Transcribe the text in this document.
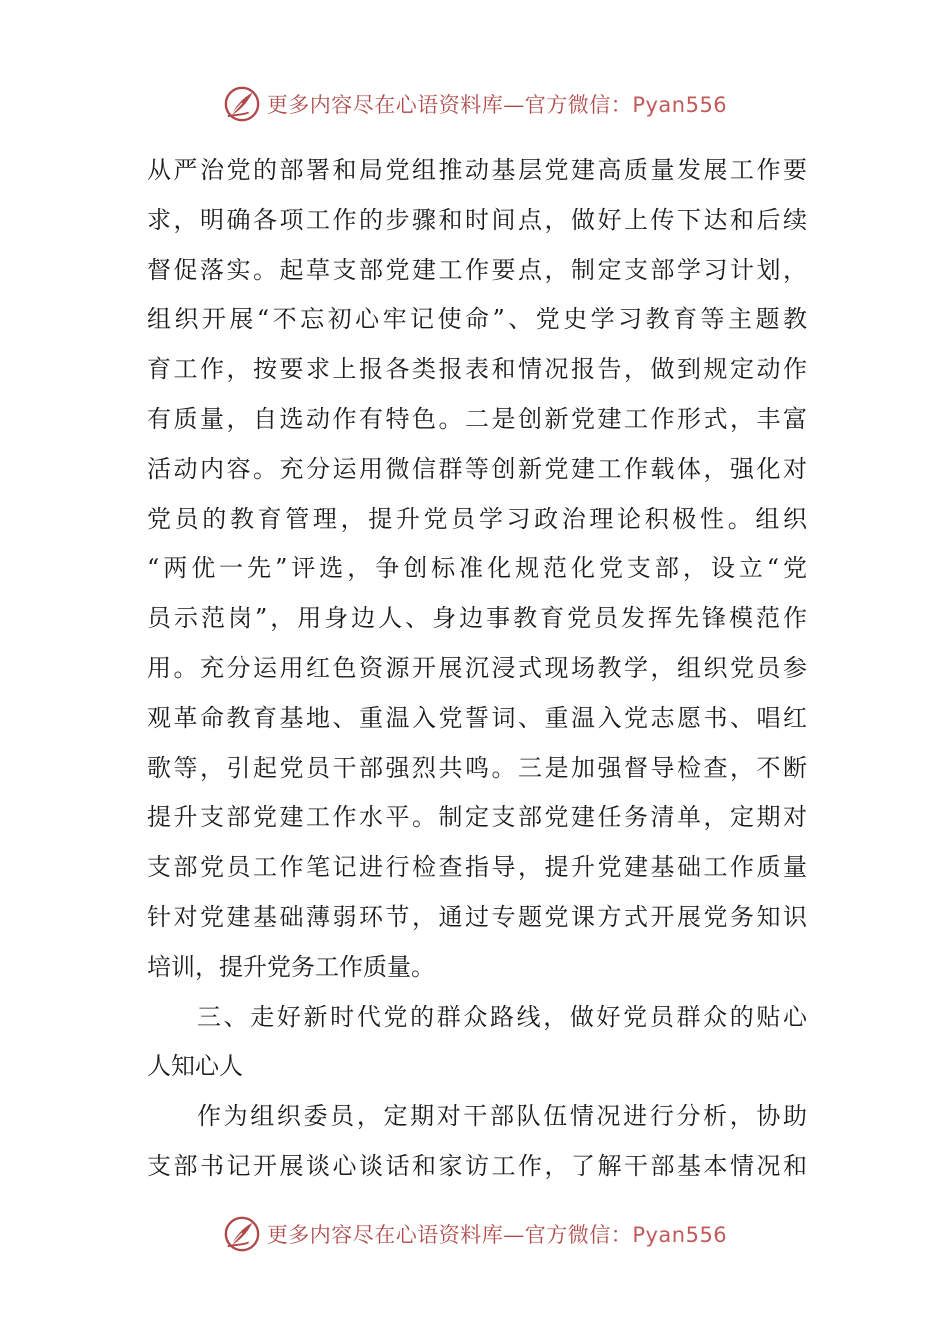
更多内容尽在心语资料库—官方微信：Pyan556
从严治党的部署和局党组推动基层党建高质量发展工作要
求，明确各项工作的步骤和时间点，做好上传下达和后续
督促落实。起草支部党建工作要点，制定支部学习计划，
组织开展“不忘初心牢记使命”、党史学习教育等主题教
育工作，按要求上报各类报表和情况报告，做到规定动作
有质量，自选动作有特色。二是创新党建工作形式，丰富
活动内容。充分运用微信群等创新党建工作载体，强化对
党员的教育管理，提升党员学习政治理论积极性。组织
“两优一先”评选，争创标准化规范化党支部，设立“党
员示范岗”，用身边人、身边事教育党员发挥先锋模范作
用。充分运用红色资源开展沉浸式现场教学，组织党员参
观革命教育基地、重温入党誓词、重温入党志愿书、唱红
歌等，引起党员干部强烈共鸣。三是加强督导检查，不断
提升支部党建工作水平。制定支部党建任务清单，定期对
支部党员工作笔记进行检查指导，提升党建基础工作质量
针对党建基础薄弱环节，通过专题党课方式开展党务知识
培训，提升党务工作质量。
三、走好新时代党的群众路线，做好党员群众的贴心
人知心人
作为组织委员，定期对干部队伍情况进行分析，协助
支部书记开展谈心谈话和家访工作，了解干部基本情况和
更多内容尽在心语资料库—官方微信：Pyan556
